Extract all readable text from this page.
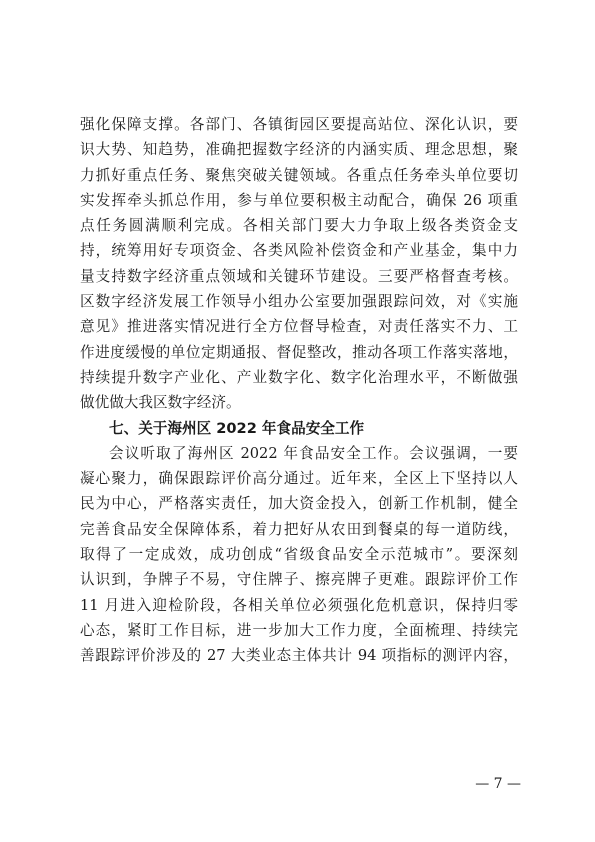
强化保障支撑。各部门、各镇街园区要提高站位、深化认识，要
识大势、知趋势，准确把握数字经济的内涵实质、理念思想，聚
力抓好重点任务、聚焦突破关键领域。各重点任务牵头单位要切
实发挥牵头抓总作用，参与单位要积极主动配合，确保 26 项重
点任务圆满顺利完成。各相关部门要大力争取上级各类资金支
持，统筹用好专项资金、各类风险补偿资金和产业基金，集中力
量支持数字经济重点领域和关键环节建设。三要严格督查考核。
区数字经济发展工作领导小组办公室要加强跟踪问效，对《实施
意见》推进落实情况进行全方位督导检查，对责任落实不力、工
作进度缓慢的单位定期通报、督促整改，推动各项工作落实落地，
持续提升数字产业化、产业数字化、数字化治理水平，不断做强
做优做大我区数字经济。
七、关于海州区 2022 年食品安全工作
会议听取了海州区 2022 年食品安全工作。会议强调，一要
凝心聚力，确保跟踪评价高分通过。近年来，全区上下坚持以人
民为中心，严格落实责任，加大资金投入，创新工作机制，健全
完善食品安全保障体系，着力把好从农田到餐桌的每一道防线，
取得了一定成效，成功创成“省级食品安全示范城市”。要深刻
认识到，争牌子不易，守住牌子、擦亮牌子更难。跟踪评价工作
11 月进入迎检阶段，各相关单位必须强化危机意识，保持归零
心态，紧盯工作目标，进一步加大工作力度，全面梳理、持续完
善跟踪评价涉及的 27 大类业态主体共计 94 项指标的测评内容，
— 7 —
